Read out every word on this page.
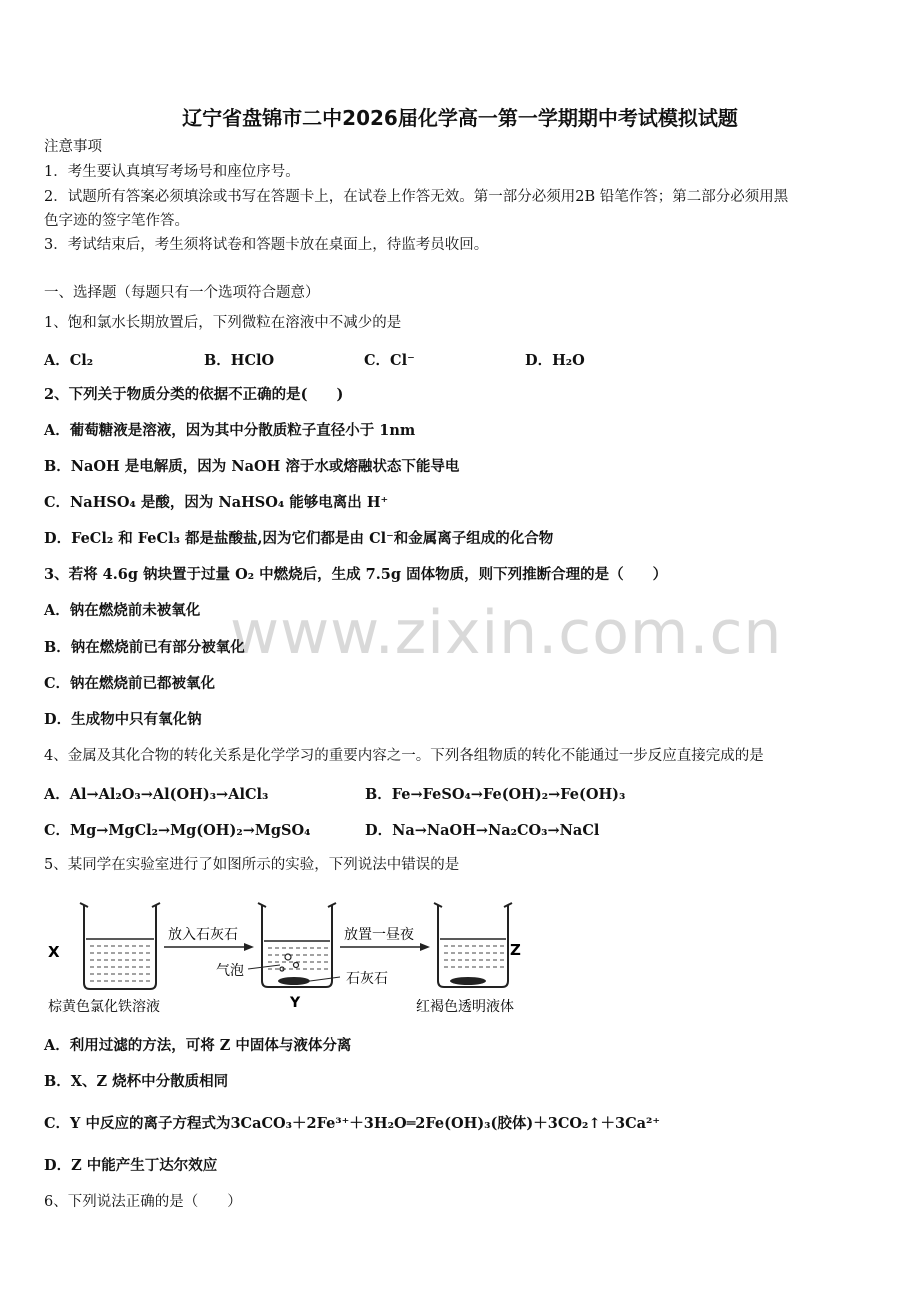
www.zixin.com.cn
辽宁省盘锦市二中2026届化学高一第一学期期中考试模拟试题
注意事项
1．考生要认真填写考场号和座位序号。
2．试题所有答案必须填涂或书写在答题卡上，在试卷上作答无效。第一部分必须用2B 铅笔作答；第二部分必须用黑
色字迹的签字笔作答。
3．考试结束后，考生须将试卷和答题卡放在桌面上，待监考员收回。
一、选择题（每题只有一个选项符合题意）
1、饱和氯水长期放置后，下列微粒在溶液中不减少的是
A．Cl₂	B．HClO	C．Cl⁻	D．H₂O
2、下列关于物质分类的依据不正确的是(　　)
A．葡萄糖液是溶液，因为其中分散质粒子直径小于 1nm
B．NaOH 是电解质，因为 NaOH 溶于水或熔融状态下能导电
C．NaHSO₄ 是酸，因为 NaHSO₄ 能够电离出 H⁺
D．FeCl₂ 和 FeCl₃ 都是盐酸盐,因为它们都是由 Cl⁻和金属离子组成的化合物
3、若将 4.6g 钠块置于过量 O₂ 中燃烧后，生成 7.5g 固体物质，则下列推断合理的是（　　）
A．钠在燃烧前未被氧化
B．钠在燃烧前已有部分被氧化
C．钠在燃烧前已都被氧化
D．生成物中只有氧化钠
4、金属及其化合物的转化关系是化学学习的重要内容之一。下列各组物质的转化不能通过一步反应直接完成的是
A．Al→Al₂O₃→Al(OH)₃→AlCl₃	B．Fe→FeSO₄→Fe(OH)₂→Fe(OH)₃
C．Mg→MgCl₂→Mg(OH)₂→MgSO₄	D．Na→NaOH→Na₂CO₃→NaCl
5、某同学在实验室进行了如图所示的实验，下列说法中错误的是
X
放入石灰石
气泡
Y
放置一昼夜
石灰石
Z
棕黄色氯化铁溶液	红褐色透明液体
A．利用过滤的方法，可将 Z 中固体与液体分离
B．X、Z 烧杯中分散质相同
C．Y 中反应的离子方程式为3CaCO₃＋2Fe³⁺＋3H₂O═2Fe(OH)₃(胶体)＋3CO₂↑＋3Ca²⁺
D．Z 中能产生丁达尔效应
6、下列说法正确的是（　　）
